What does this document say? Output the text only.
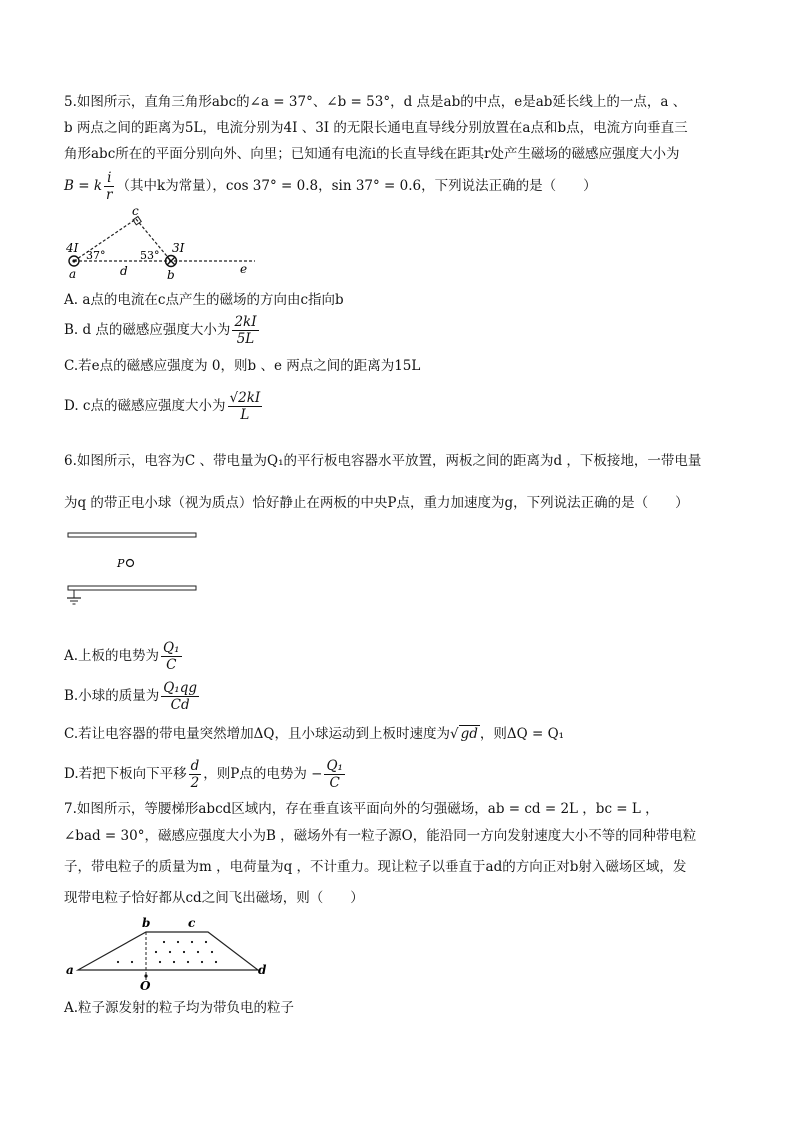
5.如图所示，直角三角形abc的∠a = 37°、∠b = 53°，d 点是ab的中点，e是ab延长线上的一点，a 、
b 两点之间的距离为5L，电流分别为4I 、3I 的无限长通电直导线分别放置在a点和b点，电流方向垂直三
角形abc所在的平面分别向外、向里；已知通有电流i的长直导线在距其r处产生磁场的磁感应强度大小为
B = k $\frac{i}{r}$ （其中k为常量），cos 37° = 0.8，sin 37° = 0.6，下列说法正确的是（　　）
c
4I	3I
37°	53°
a	d	b	e
A. a点的电流在c点产生的磁场的方向由c指向b
B. d 点的磁感应强度大小为 $\frac{2kI}{5L}$
C.若e点的磁感应强度为 0，则b 、e 两点之间的距离为15L
D. c点的磁感应强度大小为 $\frac{√2kI}{L}$
6.如图所示，电容为C 、带电量为Q₁的平行板电容器水平放置，两板之间的距离为d ，下板接地，一带电量
为q 的带正电小球（视为质点）恰好静止在两板的中央P点，重力加速度为g，下列说法正确的是（　　）
P
A.上板的电势为 $\frac{\text{Q₁}}{C}$
B.小球的质量为 $\frac{\text{Q₁qg}}{Cd}$
C.若让电容器的带电量突然增加ΔQ，且小球运动到上板时速度为√ gd ，则ΔQ = Q₁
D.若把下板向下平移 $\frac{d}{2}$ ，则P点的电势为 − $\frac{\text{Q₁}}{C}$
7.如图所示，等腰梯形abcd区域内，存在垂直该平面向外的匀强磁场，ab = cd = 2L ，bc = L ，
∠bad = 30°，磁感应强度大小为B ，磁场外有一粒子源O，能沿同一方向发射速度大小不等的同种带电粒
子，带电粒子的质量为m ，电荷量为q ，不计重力。现让粒子以垂直于ad的方向正对b射入磁场区域，发
现带电粒子恰好都从cd之间飞出磁场，则（　　）
a
b	c
d
O
A.粒子源发射的粒子均为带负电的粒子
